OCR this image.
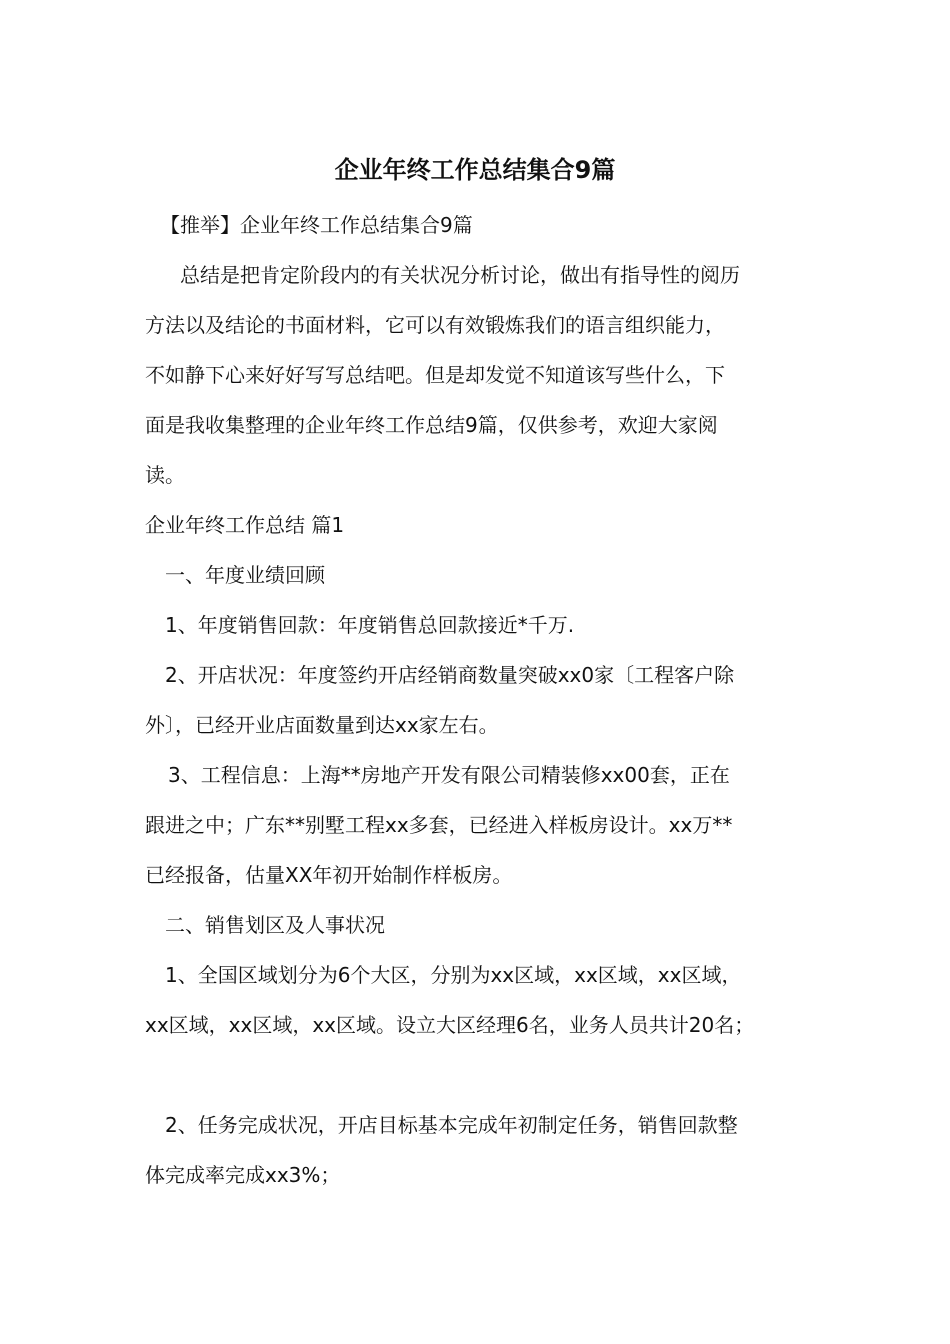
企业年终工作总结集合9篇
【推举】企业年终工作总结集合9篇
总结是把肯定阶段内的有关状况分析讨论，做出有指导性的阅历
方法以及结论的书面材料，它可以有效锻炼我们的语言组织能力，
不如静下心来好好写写总结吧。但是却发觉不知道该写些什么，下
面是我收集整理的企业年终工作总结9篇，仅供参考，欢迎大家阅
读。
企业年终工作总结 篇1
一、年度业绩回顾
1、年度销售回款：年度销售总回款接近*千万.
2、开店状况：年度签约开店经销商数量突破xx0家〔工程客户除
外〕，已经开业店面数量到达xx家左右。
3、工程信息：上海**房地产开发有限公司精装修xx00套，正在
跟进之中；广东**别墅工程xx多套，已经进入样板房设计。xx万**
已经报备，估量XX年初开始制作样板房。
二、销售划区及人事状况
1、全国区域划分为6个大区，分别为xx区域，xx区域，xx区域，
xx区域，xx区域，xx区域。设立大区经理6名，业务人员共计20名；
2、任务完成状况，开店目标基本完成年初制定任务，销售回款整
体完成率完成xx3%；
